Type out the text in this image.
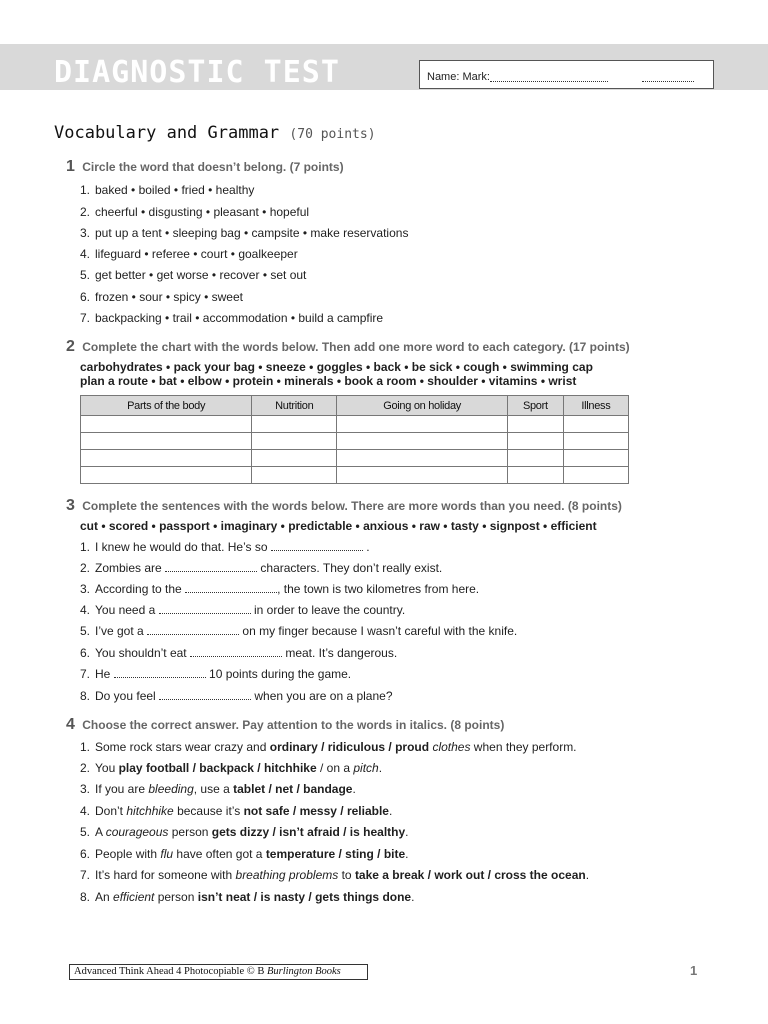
DIAGNOSTIC TEST	Name: Mark:
Vocabulary and Grammar (70 points)
1 Circle the word that doesn’t belong. (7 points)
1. baked • boiled • fried • healthy
2. cheerful • disgusting • pleasant • hopeful
3. put up a tent • sleeping bag • campsite • make reservations
4. lifeguard • referee • court • goalkeeper
5. get better • get worse • recover • set out
6. frozen • sour • spicy • sweet
7. backpacking • trail • accommodation • build a campfire
2 Complete the chart with the words below. Then add one more word to each category. (17 points)
carbohydrates • pack your bag • sneeze • goggles • back • be sick • cough • swimming cap
plan a route • bat • elbow • protein • minerals • book a room • shoulder • vitamins • wrist
Parts of the body	Nutrition	Going on holiday	Sport	Illness

3 Complete the sentences with the words below. There are more words than you need. (8 points)
cut • scored • passport • imaginary • predictable • anxious • raw • tasty • signpost • efficient
1. I knew he would do that. He’s so	.
2. Zombies are	characters. They don’t really exist.
3. According to the	, the town is two kilometres from here.
4. You need a	in order to leave the country.
5. I’ve got a	on my finger because I wasn’t careful with the knife.
6. You shouldn’t eat	meat. It’s dangerous.
7. He	10 points during the game.
8. Do you feel	when you are on a plane?
4 Choose the correct answer. Pay attention to the words in italics. (8 points)
1. Some rock stars wear crazy and ordinary / ridiculous / proud clothes when they perform.
2. You play football / backpack / hitchhike / on a pitch.
3. If you are bleeding, use a tablet / net / bandage.
4. Don’t hitchhike because it’s not safe / messy / reliable.
5. A courageous person gets dizzy / isn’t afraid / is healthy.
6. People with flu have often got a temperature / sting / bite.
7. It’s hard for someone with breathing problems to take a break / work out / cross the ocean.
8. An efficient person isn’t neat / is nasty / gets things done.
Advanced Think Ahead 4 Photocopiable © B Burlington Books	1
